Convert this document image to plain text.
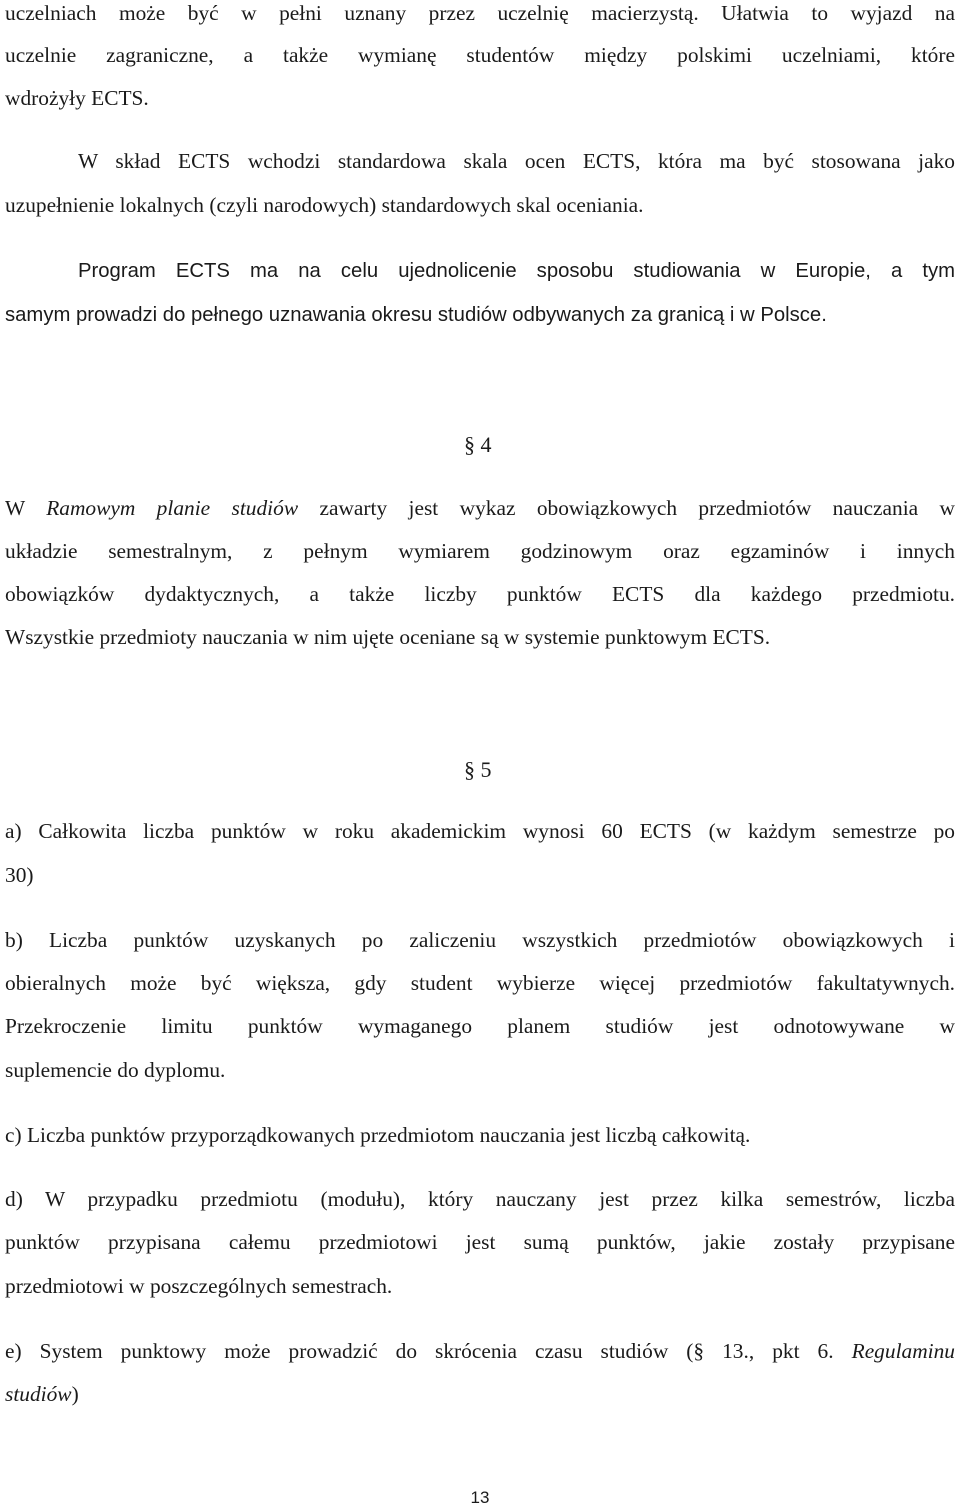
uczelniach może być w pełni uznany przez uczelnię macierzystą. Ułatwia to wyjazd na
uczelnie zagraniczne, a także wymianę studentów między polskimi uczelniami, które
wdrożyły ECTS.
W skład ECTS wchodzi standardowa skala ocen ECTS, która ma być stosowana jako
uzupełnienie lokalnych (czyli narodowych) standardowych skal oceniania.
Program ECTS ma na celu ujednolicenie sposobu studiowania w Europie, a tym
samym prowadzi do pełnego uznawania okresu studiów odbywanych za granicą i w Polsce.
§ 4
W Ramowym planie studiów zawarty jest wykaz obowiązkowych przedmiotów nauczania w
układzie semestralnym, z pełnym wymiarem godzinowym oraz egzaminów i innych
obowiązków dydaktycznych, a także liczby punktów ECTS dla każdego przedmiotu.
Wszystkie przedmioty nauczania w nim ujęte oceniane są w systemie punktowym ECTS.
§ 5
a) Całkowita liczba punktów w roku akademickim wynosi 60 ECTS (w każdym semestrze po
30)
b) Liczba punktów uzyskanych po zaliczeniu wszystkich przedmiotów obowiązkowych i
obieralnych może być większa, gdy student wybierze więcej przedmiotów fakultatywnych.
Przekroczenie limitu punktów wymaganego planem studiów jest odnotowywane w
suplemencie do dyplomu.
c) Liczba punktów przyporządkowanych przedmiotom nauczania jest liczbą całkowitą.
d) W przypadku przedmiotu (modułu), który nauczany jest przez kilka semestrów, liczba
punktów przypisana całemu przedmiotowi jest sumą punktów, jakie zostały przypisane
przedmiotowi w poszczególnych semestrach.
e) System punktowy może prowadzić do skrócenia czasu studiów (§ 13., pkt 6. Regulaminu
studiów)
13
